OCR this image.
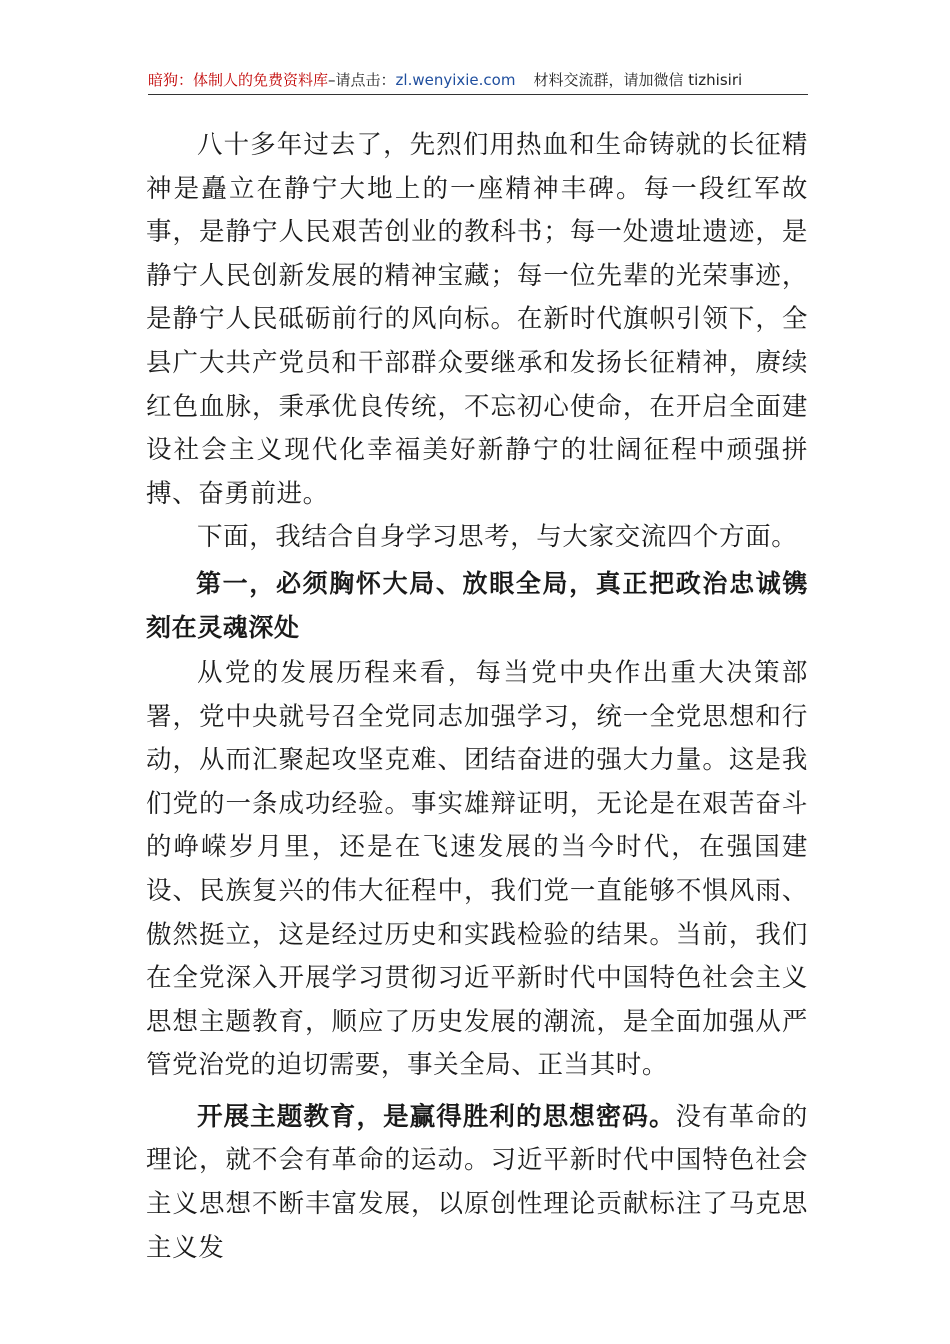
暗狗：体制人的免费资料库–请点击：zl.wenyixie.com 材料交流群，请加微信 tizhisiri

八十多年过去了，先烈们用热血和生命铸就的长征精神是矗立在静宁大地上的一座精神丰碑。每一段红军故事，是静宁人民艰苦创业的教科书；每一处遗址遗迹，是静宁人民创新发展的精神宝藏；每一位先辈的光荣事迹，是静宁人民砥砺前行的风向标。在新时代旗帜引领下，全县广大共产党员和干部群众要继承和发扬长征精神，赓续红色血脉，秉承优良传统，不忘初心使命，在开启全面建设社会主义现代化幸福美好新静宁的壮阔征程中顽强拼搏、奋勇前进。

下面，我结合自身学习思考，与大家交流四个方面。

第一，必须胸怀大局、放眼全局，真正把政治忠诚镌刻在灵魂深处

从党的发展历程来看，每当党中央作出重大决策部署，党中央就号召全党同志加强学习，统一全党思想和行动，从而汇聚起攻坚克难、团结奋进的强大力量。这是我们党的一条成功经验。事实雄辩证明，无论是在艰苦奋斗的峥嵘岁月里，还是在飞速发展的当今时代，在强国建设、民族复兴的伟大征程中，我们党一直能够不惧风雨、傲然挺立，这是经过历史和实践检验的结果。当前，我们在全党深入开展学习贯彻习近平新时代中国特色社会主义思想主题教育，顺应了历史发展的潮流，是全面加强从严管党治党的迫切需要，事关全局、正当其时。

开展主题教育，是赢得胜利的思想密码。没有革命的理论，就不会有革命的运动。习近平新时代中国特色社会主义思想不断丰富发展，以原创性理论贡献标注了马克思主义发
